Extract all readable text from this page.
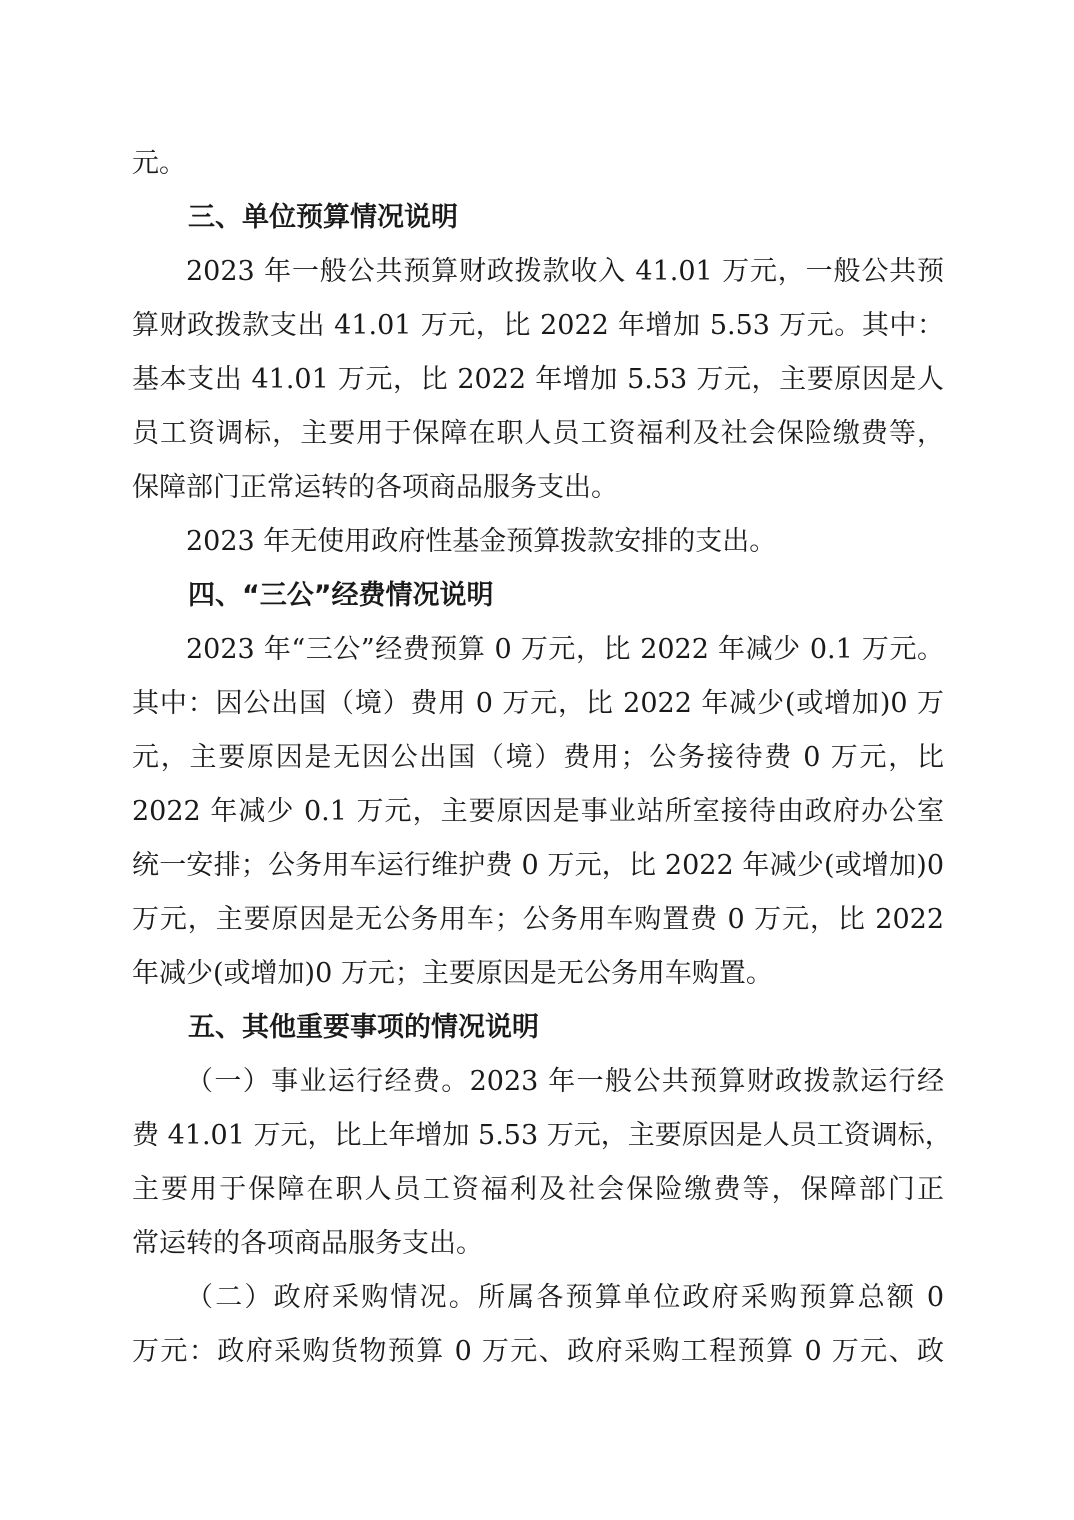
元。

三、单位预算情况说明

2023 年一般公共预算财政拨款收入 41.01 万元，一般公共预

算财政拨款支出 41.01 万元，比 2022 年增加 5.53 万元。其中：

基本支出 41.01 万元，比 2022 年增加 5.53 万元，主要原因是人

员工资调标，主要用于保障在职人员工资福利及社会保险缴费等，

保障部门正常运转的各项商品服务支出。

2023 年无使用政府性基金预算拨款安排的支出。

四、“三公”经费情况说明

2023 年“三公”经费预算 0 万元，比 2022 年减少 0.1 万元。

其中：因公出国（境）费用 0 万元，比 2022 年减少(或增加)0 万

元，主要原因是无因公出国（境）费用；公务接待费 0 万元，比

2022 年减少 0.1 万元，主要原因是事业站所室接待由政府办公室

统一安排；公务用车运行维护费 0 万元，比 2022 年减少(或增加)0

万元，主要原因是无公务用车；公务用车购置费 0 万元，比 2022

年减少(或增加)0 万元；主要原因是无公务用车购置。

五、其他重要事项的情况说明

（一）事业运行经费。2023 年一般公共预算财政拨款运行经

费 41.01 万元，比上年增加 5.53 万元，主要原因是人员工资调标，

主要用于保障在职人员工资福利及社会保险缴费等，保障部门正

常运转的各项商品服务支出。

（二）政府采购情况。所属各预算单位政府采购预算总额 0

万元：政府采购货物预算 0 万元、政府采购工程预算 0 万元、政
